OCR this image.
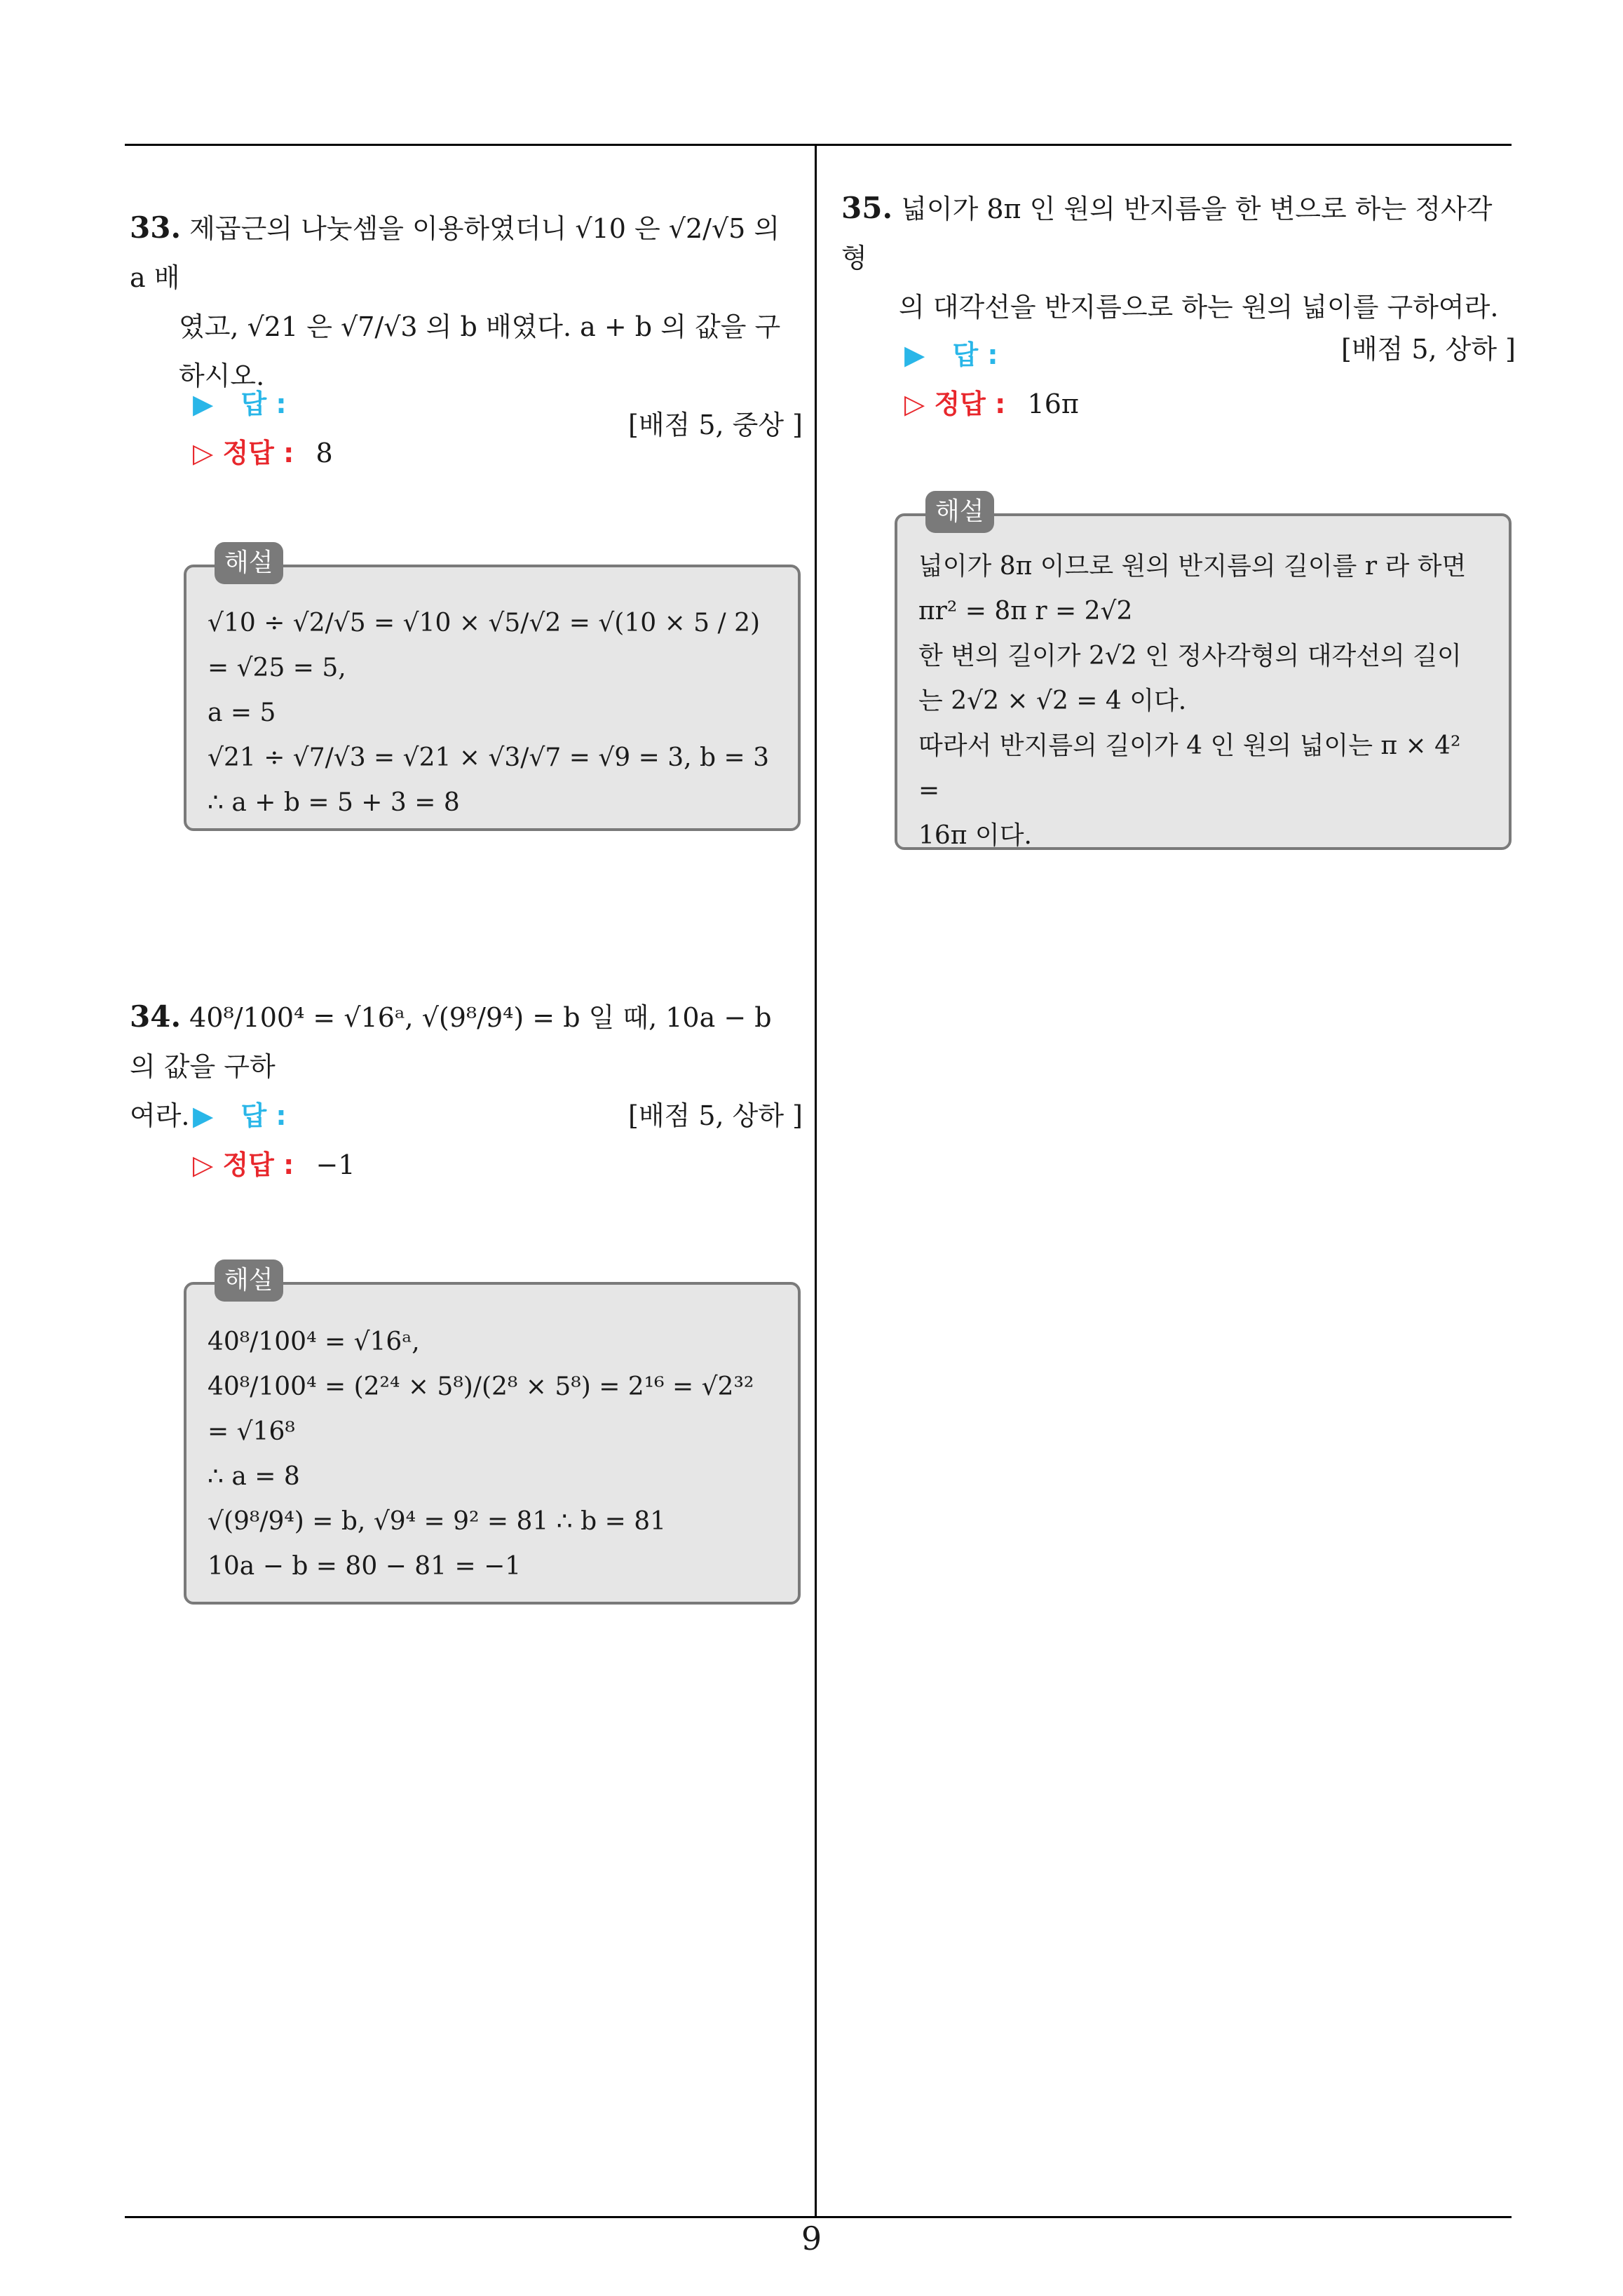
33. 제곱근의 나눗셈을 이용하였더니 √10 은 √2/√5 의 a 배
였고, √21 은 √7/√3 의 b 배였다. a + b 의 값을 구하시오.
[배점 5, 중상 ]
▶ 답 :
▷ 정답 : 8
해설
√10 ÷ √2/√5 = √10 × √5/√2 = √(10 × 5 / 2) = √25 = 5,
a = 5
√21 ÷ √7/√3 = √21 × √3/√7 = √9 = 3, b = 3
∴ a + b = 5 + 3 = 8
34. 40⁸/100⁴ = √16ᵃ, √(9⁸/9⁴) = b 일 때, 10a − b 의 값을 구하
여라.	[배점 5, 상하 ]
▶ 답 :
▷ 정답 : −1
해설
40⁸/100⁴ = √16ᵃ,
40⁸/100⁴ = (2²⁴ × 5⁸)/(2⁸ × 5⁸) = 2¹⁶ = √2³² = √16⁸
∴ a = 8
√(9⁸/9⁴) = b, √9⁴ = 9² = 81 ∴ b = 81
10a − b = 80 − 81 = −1
35. 넓이가 8π 인 원의 반지름을 한 변으로 하는 정사각형
의 대각선을 반지름으로 하는 원의 넓이를 구하여라.
[배점 5, 상하 ]
▶ 답 :
▷ 정답 : 16π
해설
넓이가 8π 이므로 원의 반지름의 길이를 r 라 하면
πr² = 8π r = 2√2
한 변의 길이가 2√2 인 정사각형의 대각선의 길이
는 2√2 × √2 = 4 이다.
따라서 반지름의 길이가 4 인 원의 넓이는 π × 4² =
16π 이다.
9
